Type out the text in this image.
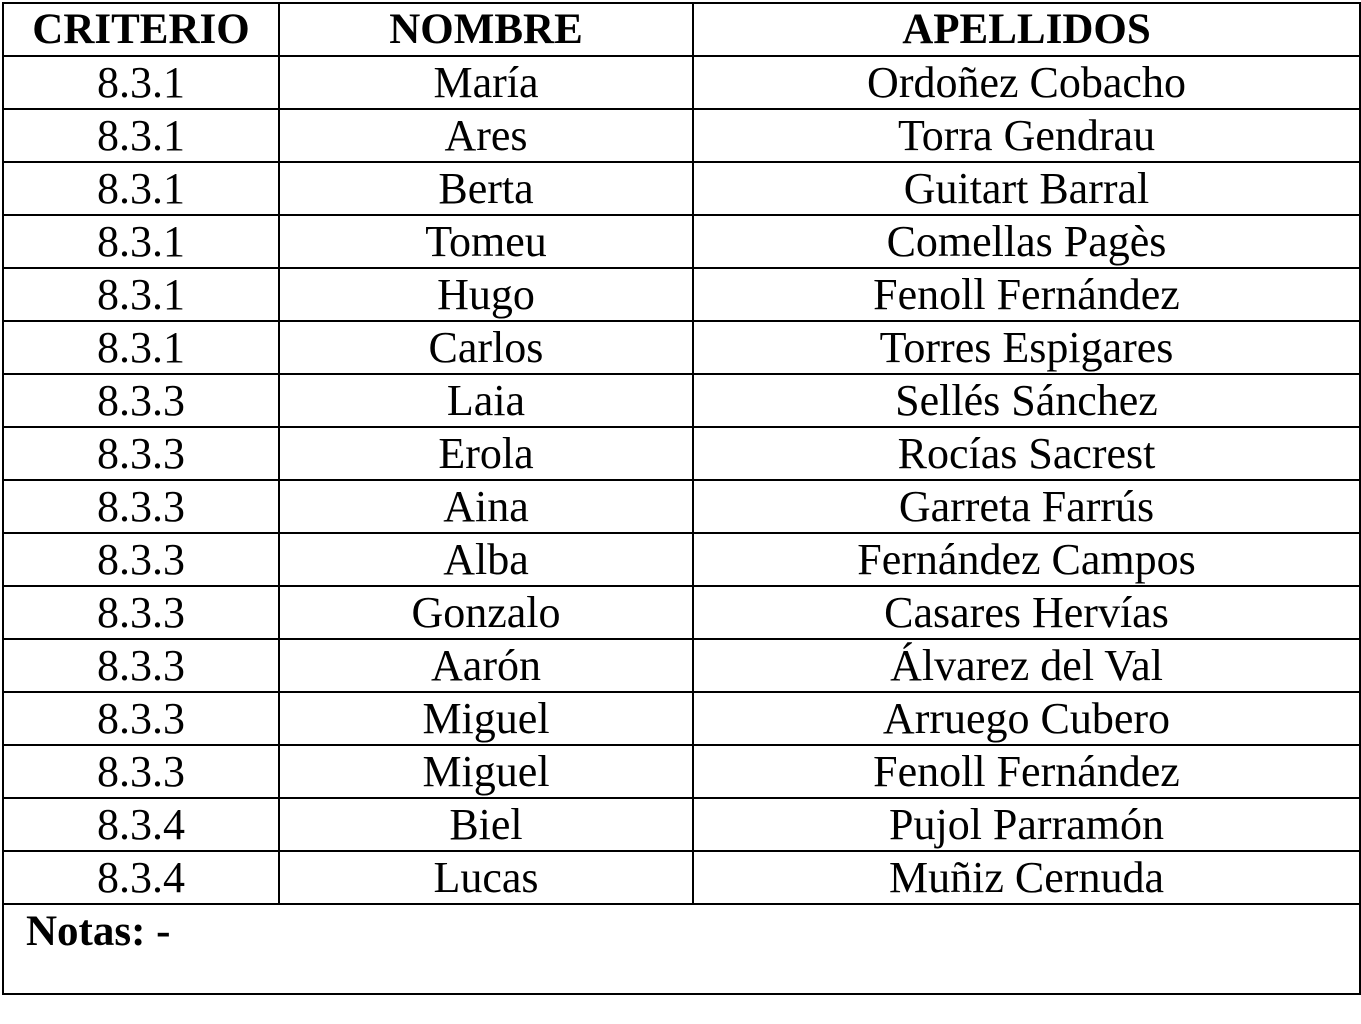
CRITERIO	NOMBRE	APELLIDOS
8.3.1	María	Ordoñez Cobacho
8.3.1	Ares	Torra Gendrau
8.3.1	Berta	Guitart Barral
8.3.1	Tomeu	Comellas Pagès
8.3.1	Hugo	Fenoll Fernández
8.3.1	Carlos	Torres Espigares
8.3.3	Laia	Sellés Sánchez
8.3.3	Erola	Rocías Sacrest
8.3.3	Aina	Garreta Farrús
8.3.3	Alba	Fernández Campos
8.3.3	Gonzalo	Casares Hervías
8.3.3	Aarón	Álvarez del Val
8.3.3	Miguel	Arruego Cubero
8.3.3	Miguel	Fenoll Fernández
8.3.4	Biel	Pujol Parramón
8.3.4	Lucas	Muñiz Cernuda
Notas: -		
